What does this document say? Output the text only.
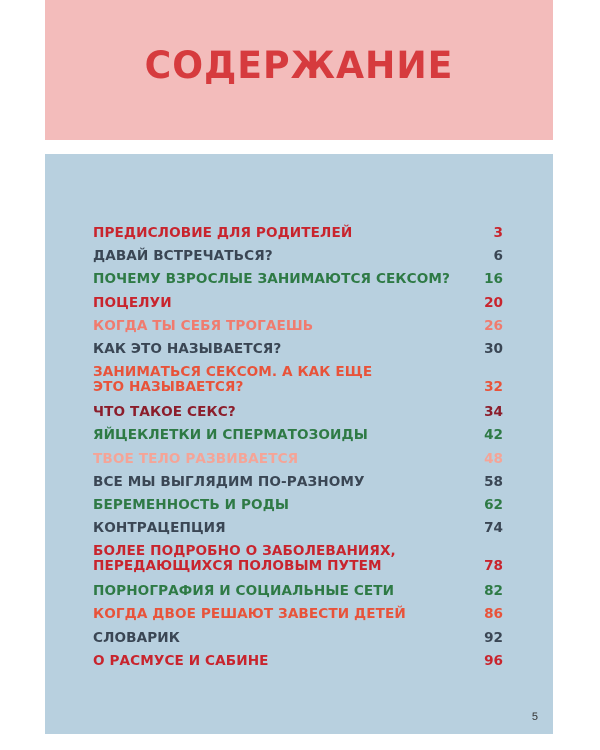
СОДЕРЖАНИЕ
ПРЕДИСЛОВИЕ ДЛЯ РОДИТЕЛЕЙ	3
ДАВАЙ ВСТРЕЧАТЬСЯ?	6
ПОЧЕМУ ВЗРОСЛЫЕ ЗАНИМАЮТСЯ СЕКСОМ?	16
ПОЦЕЛУИ	20
КОГДА ТЫ СЕБЯ ТРОГАЕШЬ	26
КАК ЭТО НАЗЫВАЕТСЯ?	30
ЗАНИМАТЬСЯ СЕКСОМ. А КАК ЕЩЕ
ЭТО НАЗЫВАЕТСЯ?	32
ЧТО ТАКОЕ СЕКС?	34
ЯЙЦЕКЛЕТКИ И СПЕРМАТОЗОИДЫ	42
ТВОЕ ТЕЛО РАЗВИВАЕТСЯ	48
ВСЕ МЫ ВЫГЛЯДИМ ПО-РАЗНОМУ	58
БЕРЕМЕННОСТЬ И РОДЫ	62
КОНТРАЦЕПЦИЯ	74
БОЛЕЕ ПОДРОБНО О ЗАБОЛЕВАНИЯХ,
ПЕРЕДАЮЩИХСЯ ПОЛОВЫМ ПУТЕМ	78
ПОРНОГРАФИЯ И СОЦИАЛЬНЫЕ СЕТИ	82
КОГДА ДВОЕ РЕШАЮТ ЗАВЕСТИ ДЕТЕЙ	86
СЛОВАРИК	92
О РАСМУСЕ И САБИНЕ	96
5
